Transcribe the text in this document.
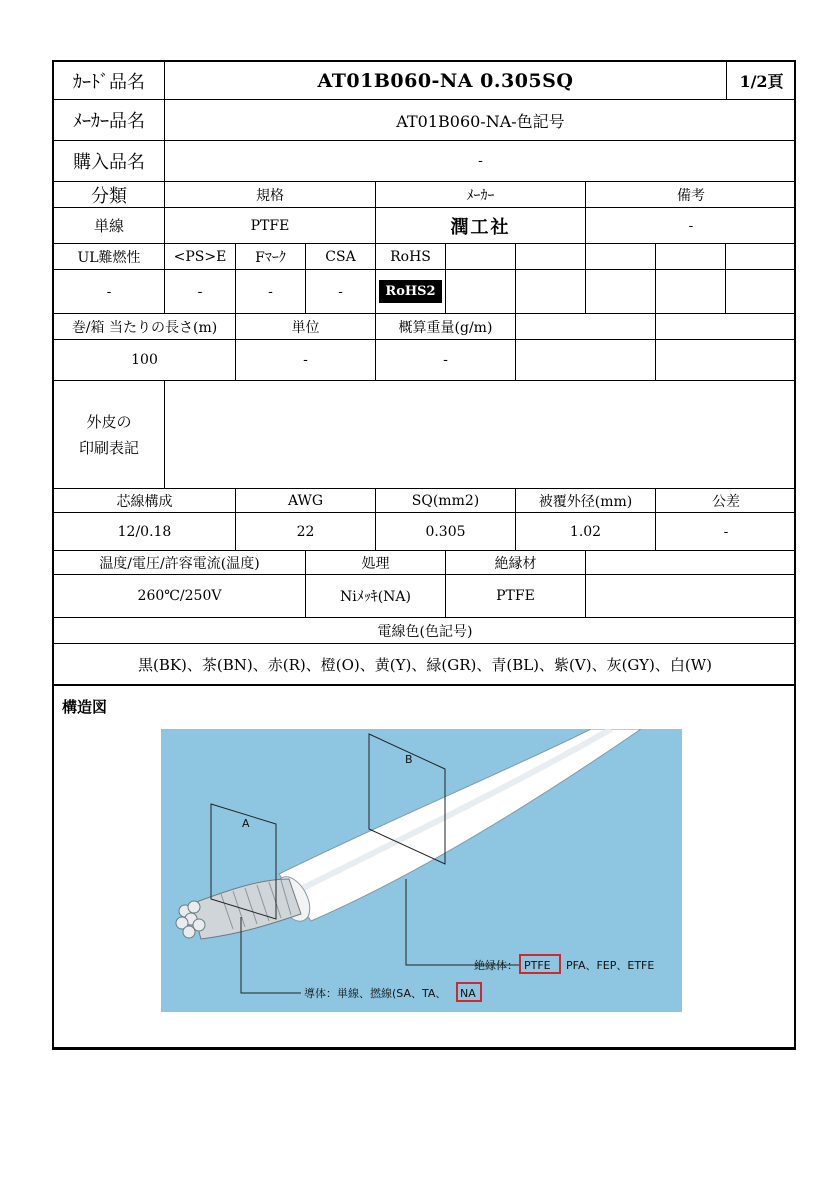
ｶｰﾄﾞ品名	AT01B060-NA 0.305SQ	1/2頁
ﾒｰｶｰ品名	AT01B060-NA-色記号
購入品名	-
分類	規格	ﾒｰｶｰ	備考
単線	PTFE	潤工社	-
UL難燃性	<PS>E	Fﾏｰｸ	CSA	RoHS
-	-	-	-	RoHS2
巻/箱 当たりの長さ(m)	単位	概算重量(g/m)
100	-	-
外皮の
印刷表記
芯線構成	AWG	SQ(mm2)	被覆外径(mm)	公差
12/0.18	22	0.305	1.02	-
温度/電圧/許容電流(温度)	処理	絶縁材
260℃/250V	Niﾒｯｷ(NA)	PTFE
電線色(色記号)
黒(BK)、茶(BN)、赤(R)、橙(O)、黄(Y)、緑(GR)、青(BL)、紫(V)、灰(GY)、白(W)
構造図
A
B
絶縁体： PTFE PFA、FEP、ETFE
導体：単線、撚線(SA、TA、 NA
